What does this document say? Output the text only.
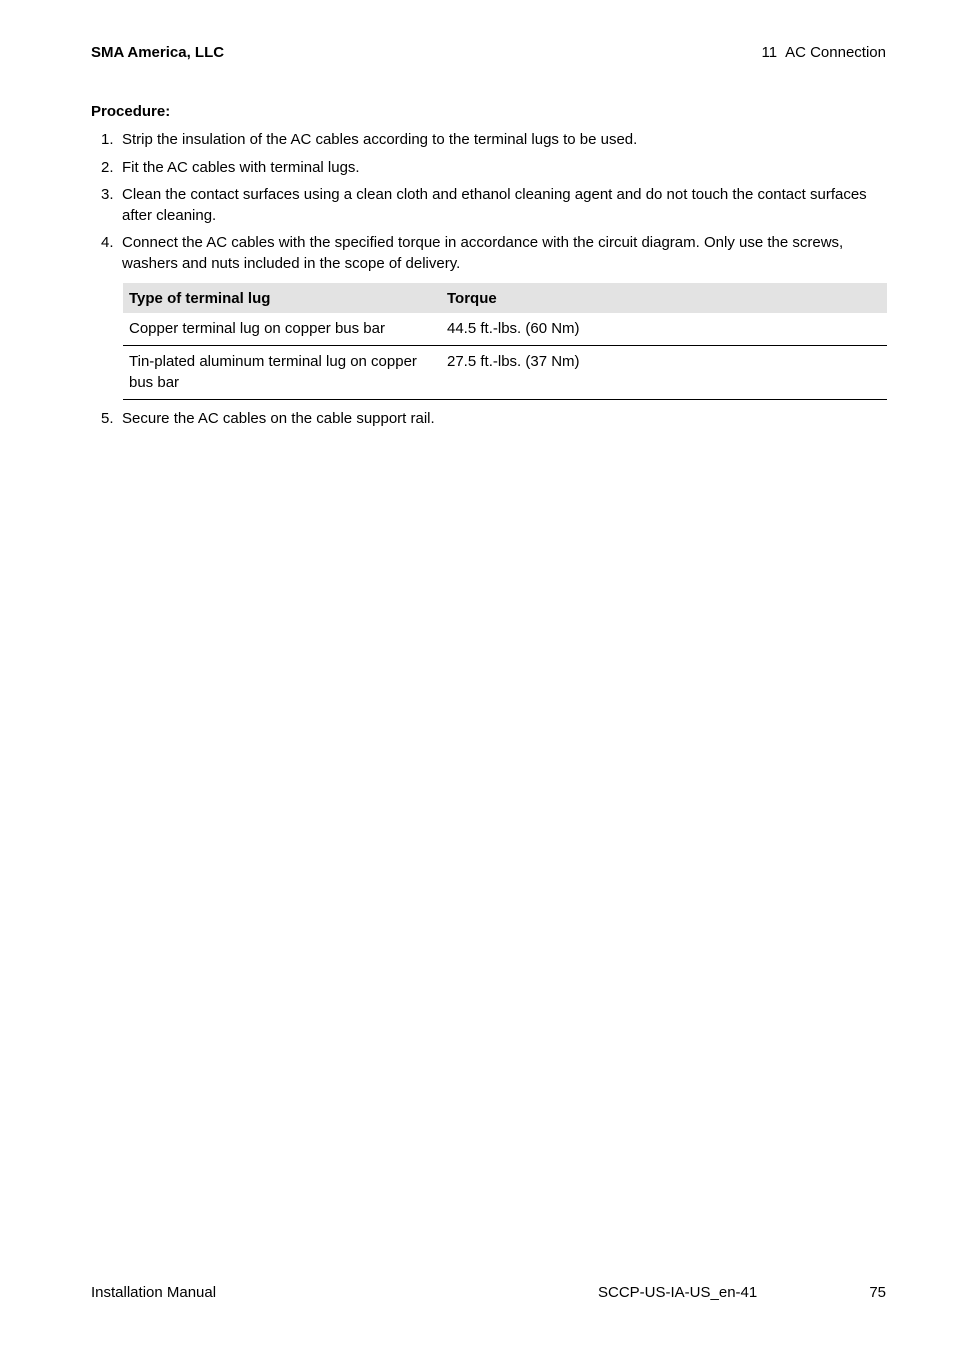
SMA America, LLC	11 AC Connection
Procedure:
1. Strip the insulation of the AC cables according to the terminal lugs to be used.
2. Fit the AC cables with terminal lugs.
3. Clean the contact surfaces using a clean cloth and ethanol cleaning agent and do not touch the contact surfaces after cleaning.
4. Connect the AC cables with the specified torque in accordance with the circuit diagram. Only use the screws, washers and nuts included in the scope of delivery.
Type of terminal lug	Torque
Copper terminal lug on copper bus bar	44.5 ft.-lbs. (60 Nm)
Tin-plated aluminum terminal lug on copper bus bar	27.5 ft.-lbs. (37 Nm)
5. Secure the AC cables on the cable support rail.
Installation Manual	SCCP-US-IA-US_en-41	75
